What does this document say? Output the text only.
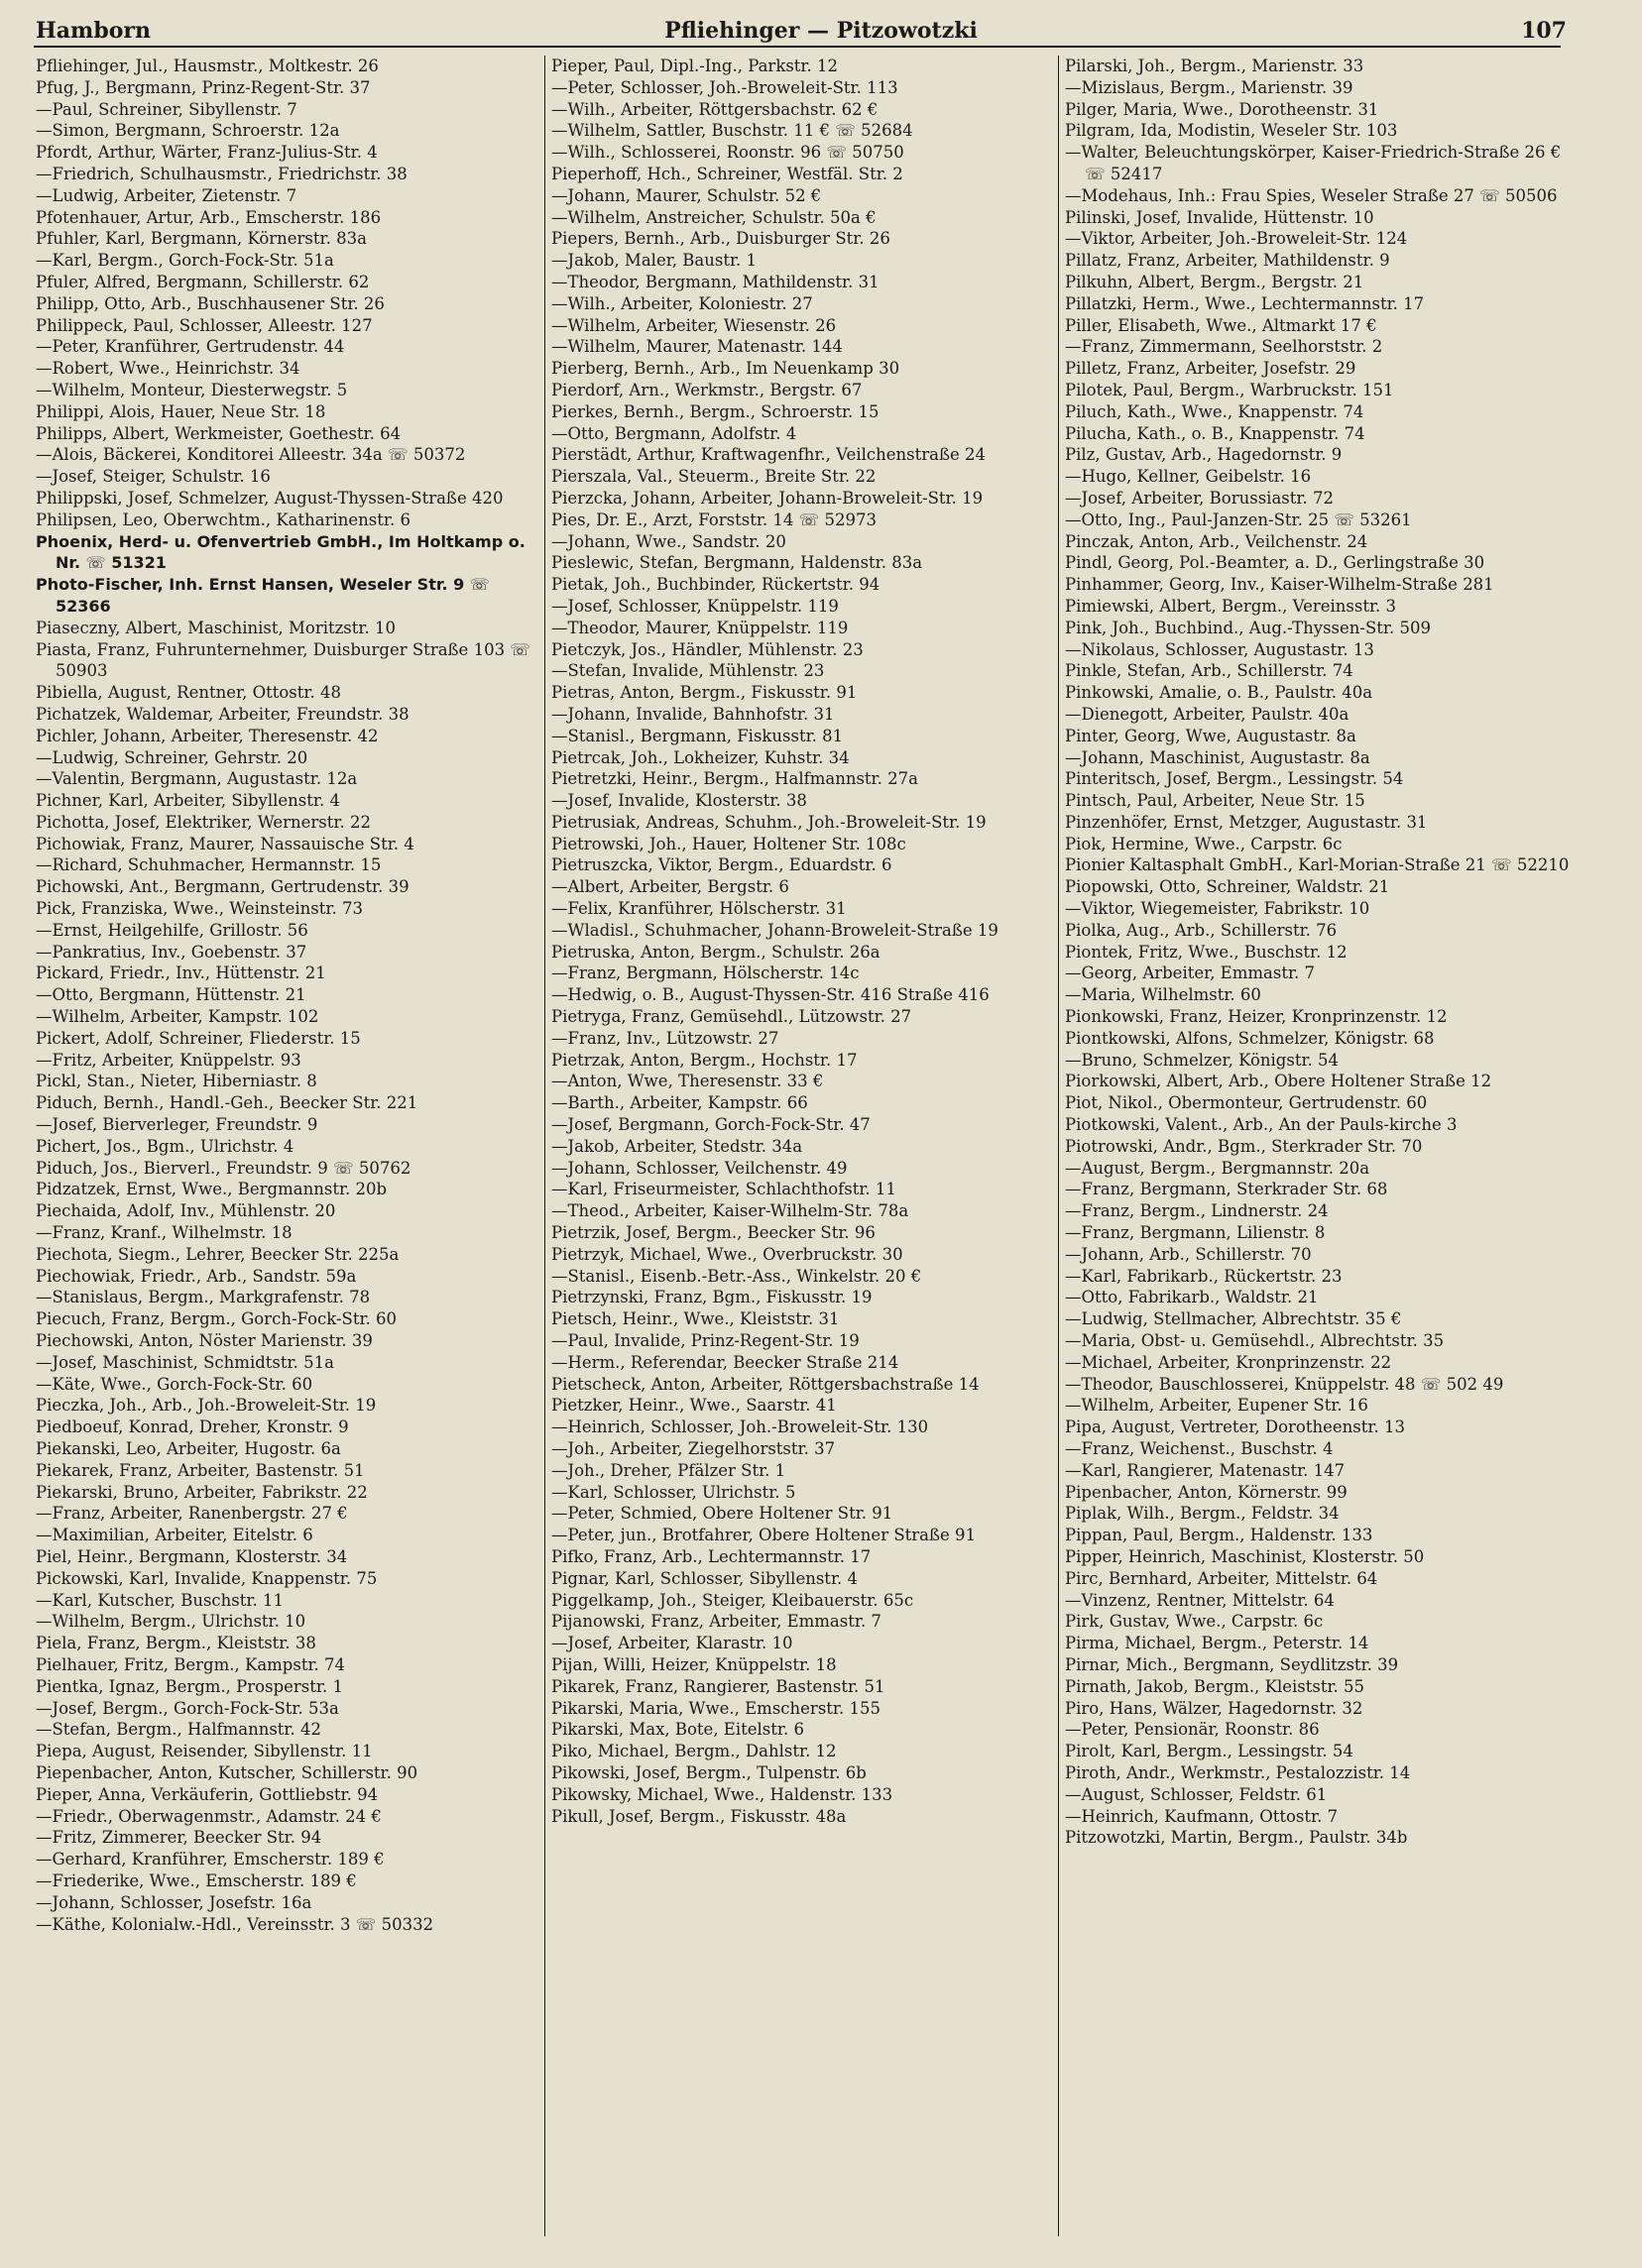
Hamborn	Pfliehinger — Pitzowotzki	107
Pfliehinger, Jul., Hausmstr., Moltkestr. 26
Pfug, J., Bergmann, Prinz-Regent-Str. 37
—Paul, Schreiner, Sibyllenstr. 7
—Simon, Bergmann, Schroerstr. 12a
Pfordt, Arthur, Wärter, Franz-Julius-Str. 4
—Friedrich, Schulhausmstr., Friedrichstr. 38
—Ludwig, Arbeiter, Zietenstr. 7
Pfotenhauer, Artur, Arb., Emscherstr. 186
Pfuhler, Karl, Bergmann, Körnerstr. 83a
—Karl, Bergm., Gorch-Fock-Str. 51a
Pfuler, Alfred, Bergmann, Schillerstr. 62
Philipp, Otto, Arb., Buschhausener Str. 26
Philippeck, Paul, Schlosser, Alleestr. 127
—Peter, Kranführer, Gertrudenstr. 44
—Robert, Wwe., Heinrichstr. 34
—Wilhelm, Monteur, Diesterwegstr. 5
Philippi, Alois, Hauer, Neue Str. 18
Philipps, Albert, Werkmeister, Goethestr. 64
—Alois, Bäckerei, Konditorei Alleestr. 34a ☏ 50372
—Josef, Steiger, Schulstr. 16
Philippski, Josef, Schmelzer, August-Thyssen-Straße 420
Philipsen, Leo, Oberwchtm., Katharinenstr. 6
Phoenix, Herd- u. Ofenvertrieb GmbH., Im Holtkamp o. Nr. ☏ 51321
Photo-Fischer, Inh. Ernst Hansen, Weseler Str. 9 ☏ 52366
Piaseczny, Albert, Maschinist, Moritzstr. 10
Piasta, Franz, Fuhrunternehmer, Duisburger Straße 103 ☏ 50903
Pibiella, August, Rentner, Ottostr. 48
Pichatzek, Waldemar, Arbeiter, Freundstr. 38
Pichler, Johann, Arbeiter, Theresenstr. 42
—Ludwig, Schreiner, Gehrstr. 20
—Valentin, Bergmann, Augustastr. 12a
Pichner, Karl, Arbeiter, Sibyllenstr. 4
Pichotta, Josef, Elektriker, Wernerstr. 22
Pichowiak, Franz, Maurer, Nassauische Str. 4
—Richard, Schuhmacher, Hermannstr. 15
Pichowski, Ant., Bergmann, Gertrudenstr. 39
Pick, Franziska, Wwe., Weinsteinstr. 73
—Ernst, Heilgehilfe, Grillostr. 56
—Pankratius, Inv., Goebenstr. 37
Pickard, Friedr., Inv., Hüttenstr. 21
—Otto, Bergmann, Hüttenstr. 21
—Wilhelm, Arbeiter, Kampstr. 102
Pickert, Adolf, Schreiner, Fliederstr. 15
—Fritz, Arbeiter, Knüppelstr. 93
Pickl, Stan., Nieter, Hiberniastr. 8
Piduch, Bernh., Handl.-Geh., Beecker Str. 221
—Josef, Bierverleger, Freundstr. 9
Pichert, Jos., Bgm., Ulrichstr. 4
Piduch, Jos., Bierverl., Freundstr. 9 ☏ 50762
Pidzatzek, Ernst, Wwe., Bergmannstr. 20b
Piechaida, Adolf, Inv., Mühlenstr. 20
—Franz, Kranf., Wilhelmstr. 18
Piechota, Siegm., Lehrer, Beecker Str. 225a
Piechowiak, Friedr., Arb., Sandstr. 59a
—Stanislaus, Bergm., Markgrafenstr. 78
Piecuch, Franz, Bergm., Gorch-Fock-Str. 60
Piechowski, Anton, Nöster Marienstr. 39
—Josef, Maschinist, Schmidtstr. 51a
—Käte, Wwe., Gorch-Fock-Str. 60
Pieczka, Joh., Arb., Joh.-Broweleit-Str. 19
Piedboeuf, Konrad, Dreher, Kronstr. 9
Piekanski, Leo, Arbeiter, Hugostr. 6a
Piekarek, Franz, Arbeiter, Bastenstr. 51
Piekarski, Bruno, Arbeiter, Fabrikstr. 22
—Franz, Arbeiter, Ranenbergstr. 27 €
—Maximilian, Arbeiter, Eitelstr. 6
Piel, Heinr., Bergmann, Klosterstr. 34
Pickowski, Karl, Invalide, Knappenstr. 75
—Karl, Kutscher, Buschstr. 11
—Wilhelm, Bergm., Ulrichstr. 10
Piela, Franz, Bergm., Kleiststr. 38
Pielhauer, Fritz, Bergm., Kampstr. 74
Pientka, Ignaz, Bergm., Prosperstr. 1
—Josef, Bergm., Gorch-Fock-Str. 53a
—Stefan, Bergm., Halfmannstr. 42
Piepa, August, Reisender, Sibyllenstr. 11
Piepenbacher, Anton, Kutscher, Schillerstr. 90
Pieper, Anna, Verkäuferin, Gottliebstr. 94
—Friedr., Oberwagenmstr., Adamstr. 24 €
—Fritz, Zimmerer, Beecker Str. 94
—Gerhard, Kranführer, Emscherstr. 189 €
—Friederike, Wwe., Emscherstr. 189 €
—Johann, Schlosser, Josefstr. 16a
—Käthe, Kolonialw.-Hdl., Vereinsstr. 3 ☏ 50332
Pieper, Paul, Dipl.-Ing., Parkstr. 12
—Peter, Schlosser, Joh.-Broweleit-Str. 113
—Wilh., Arbeiter, Röttgersbachstr. 62 €
—Wilhelm, Sattler, Buschstr. 11 € ☏ 52684
—Wilh., Schlosserei, Roonstr. 96 ☏ 50750
Pieperhoff, Hch., Schreiner, Westfäl. Str. 2
—Johann, Maurer, Schulstr. 52 €
—Wilhelm, Anstreicher, Schulstr. 50a €
Piepers, Bernh., Arb., Duisburger Str. 26
—Jakob, Maler, Baustr. 1
—Theodor, Bergmann, Mathildenstr. 31
—Wilh., Arbeiter, Koloniestr. 27
—Wilhelm, Arbeiter, Wiesenstr. 26
—Wilhelm, Maurer, Matenastr. 144
Pierberg, Bernh., Arb., Im Neuenkamp 30
Pierdorf, Arn., Werkmstr., Bergstr. 67
Pierkes, Bernh., Bergm., Schroerstr. 15
—Otto, Bergmann, Adolfstr. 4
Pierstädt, Arthur, Kraftwagenfhr., Veilchenstraße 24
Pierszala, Val., Steuerm., Breite Str. 22
Pierzcka, Johann, Arbeiter, Johann-Broweleit-Str. 19
Pies, Dr. E., Arzt, Forststr. 14 ☏ 52973
—Johann, Wwe., Sandstr. 20
Pieslewic, Stefan, Bergmann, Haldenstr. 83a
Pietak, Joh., Buchbinder, Rückertstr. 94
—Josef, Schlosser, Knüppelstr. 119
—Theodor, Maurer, Knüppelstr. 119
Pietczyk, Jos., Händler, Mühlenstr. 23
—Stefan, Invalide, Mühlenstr. 23
Pietras, Anton, Bergm., Fiskusstr. 91
—Johann, Invalide, Bahnhofstr. 31
—Stanisl., Bergmann, Fiskusstr. 81
Pietrcak, Joh., Lokheizer, Kuhstr. 34
Pietretzki, Heinr., Bergm., Halfmannstr. 27a
—Josef, Invalide, Klosterstr. 38
Pietrusiak, Andreas, Schuhm., Joh.-Broweleit-Str. 19
Pietrowski, Joh., Hauer, Holtener Str. 108c
Pietruszcka, Viktor, Bergm., Eduardstr. 6
—Albert, Arbeiter, Bergstr. 6
—Felix, Kranführer, Hölscherstr. 31
—Wladisl., Schuhmacher, Johann-Broweleit-Straße 19
Pietruska, Anton, Bergm., Schulstr. 26a
—Franz, Bergmann, Hölscherstr. 14c
—Hedwig, o. B., August-Thyssen-Str. 416 Straße 416
Pietryga, Franz, Gemüsehdl., Lützowstr. 27
—Franz, Inv., Lützowstr. 27
Pietrzak, Anton, Bergm., Hochstr. 17
—Anton, Wwe, Theresenstr. 33 €
—Barth., Arbeiter, Kampstr. 66
—Josef, Bergmann, Gorch-Fock-Str. 47
—Jakob, Arbeiter, Stedstr. 34a
—Johann, Schlosser, Veilchenstr. 49
—Karl, Friseurmeister, Schlachthofstr. 11
—Theod., Arbeiter, Kaiser-Wilhelm-Str. 78a
Pietrzik, Josef, Bergm., Beecker Str. 96
Pietrzyk, Michael, Wwe., Overbruckstr. 30
—Stanisl., Eisenb.-Betr.-Ass., Winkelstr. 20 €
Pietrzynski, Franz, Bgm., Fiskusstr. 19
Pietsch, Heinr., Wwe., Kleiststr. 31
—Paul, Invalide, Prinz-Regent-Str. 19
—Herm., Referendar, Beecker Straße 214
Pietscheck, Anton, Arbeiter, Röttgersbachstraße 14
Pietzker, Heinr., Wwe., Saarstr. 41
—Heinrich, Schlosser, Joh.-Broweleit-Str. 130
—Joh., Arbeiter, Ziegelhorststr. 37
—Joh., Dreher, Pfälzer Str. 1
—Karl, Schlosser, Ulrichstr. 5
—Peter, Schmied, Obere Holtener Str. 91
—Peter, jun., Brotfahrer, Obere Holtener Straße 91
Pifko, Franz, Arb., Lechtermannstr. 17
Pignar, Karl, Schlosser, Sibyllenstr. 4
Piggelkamp, Joh., Steiger, Kleibauerstr. 65c
Pijanowski, Franz, Arbeiter, Emmastr. 7
—Josef, Arbeiter, Klarastr. 10
Pijan, Willi, Heizer, Knüppelstr. 18
Pikarek, Franz, Rangierer, Bastenstr. 51
Pikarski, Maria, Wwe., Emscherstr. 155
Pikarski, Max, Bote, Eitelstr. 6
Piko, Michael, Bergm., Dahlstr. 12
Pikowski, Josef, Bergm., Tulpenstr. 6b
Pikowsky, Michael, Wwe., Haldenstr. 133
Pikull, Josef, Bergm., Fiskusstr. 48a
Pilarski, Joh., Bergm., Marienstr. 33
—Mizislaus, Bergm., Marienstr. 39
Pilger, Maria, Wwe., Dorotheenstr. 31
Pilgram, Ida, Modistin, Weseler Str. 103
—Walter, Beleuchtungskörper, Kaiser-Friedrich-Straße 26 € ☏ 52417
—Modehaus, Inh.: Frau Spies, Weseler Straße 27 ☏ 50506
Pilinski, Josef, Invalide, Hüttenstr. 10
—Viktor, Arbeiter, Joh.-Broweleit-Str. 124
Pillatz, Franz, Arbeiter, Mathildenstr. 9
Pilkuhn, Albert, Bergm., Bergstr. 21
Pillatzki, Herm., Wwe., Lechtermannstr. 17
Piller, Elisabeth, Wwe., Altmarkt 17 €
—Franz, Zimmermann, Seelhorststr. 2
Pilletz, Franz, Arbeiter, Josefstr. 29
Pilotek, Paul, Bergm., Warbruckstr. 151
Piluch, Kath., Wwe., Knappenstr. 74
Pilucha, Kath., o. B., Knappenstr. 74
Pilz, Gustav, Arb., Hagedornstr. 9
—Hugo, Kellner, Geibelstr. 16
—Josef, Arbeiter, Borussiastr. 72
—Otto, Ing., Paul-Janzen-Str. 25 ☏ 53261
Pinczak, Anton, Arb., Veilchenstr. 24
Pindl, Georg, Pol.-Beamter, a. D., Gerlingstraße 30
Pinhammer, Georg, Inv., Kaiser-Wilhelm-Straße 281
Pimiewski, Albert, Bergm., Vereinsstr. 3
Pink, Joh., Buchbind., Aug.-Thyssen-Str. 509
—Nikolaus, Schlosser, Augustastr. 13
Pinkle, Stefan, Arb., Schillerstr. 74
Pinkowski, Amalie, o. B., Paulstr. 40a
—Dienegott, Arbeiter, Paulstr. 40a
Pinter, Georg, Wwe, Augustastr. 8a
—Johann, Maschinist, Augustastr. 8a
Pinteritsch, Josef, Bergm., Lessingstr. 54
Pintsch, Paul, Arbeiter, Neue Str. 15
Pinzenhöfer, Ernst, Metzger, Augustastr. 31
Piok, Hermine, Wwe., Carpstr. 6c
Pionier Kaltasphalt GmbH., Karl-Morian-Straße 21 ☏ 52210
Piopowski, Otto, Schreiner, Waldstr. 21
—Viktor, Wiegemeister, Fabrikstr. 10
Piolka, Aug., Arb., Schillerstr. 76
Piontek, Fritz, Wwe., Buschstr. 12
—Georg, Arbeiter, Emmastr. 7
—Maria, Wilhelmstr. 60
Pionkowski, Franz, Heizer, Kronprinzenstr. 12
Piontkowski, Alfons, Schmelzer, Königstr. 68
—Bruno, Schmelzer, Königstr. 54
Piorkowski, Albert, Arb., Obere Holtener Straße 12
Piot, Nikol., Obermonteur, Gertrudenstr. 60
Piotkowski, Valent., Arb., An der Pauls-kirche 3
Piotrowski, Andr., Bgm., Sterkrader Str. 70
—August, Bergm., Bergmannstr. 20a
—Franz, Bergmann, Sterkrader Str. 68
—Franz, Bergm., Lindnerstr. 24
—Franz, Bergmann, Lilienstr. 8
—Johann, Arb., Schillerstr. 70
—Karl, Fabrikarb., Rückertstr. 23
—Otto, Fabrikarb., Waldstr. 21
—Ludwig, Stellmacher, Albrechtstr. 35 €
—Maria, Obst- u. Gemüsehdl., Albrechtstr. 35
—Michael, Arbeiter, Kronprinzenstr. 22
—Theodor, Bauschlosserei, Knüppelstr. 48 ☏ 502 49
—Wilhelm, Arbeiter, Eupener Str. 16
Pipa, August, Vertreter, Dorotheenstr. 13
—Franz, Weichenst., Buschstr. 4
—Karl, Rangierer, Matenastr. 147
Pipenbacher, Anton, Körnerstr. 99
Piplak, Wilh., Bergm., Feldstr. 34
Pippan, Paul, Bergm., Haldenstr. 133
Pipper, Heinrich, Maschinist, Klosterstr. 50
Pirc, Bernhard, Arbeiter, Mittelstr. 64
—Vinzenz, Rentner, Mittelstr. 64
Pirk, Gustav, Wwe., Carpstr. 6c
Pirma, Michael, Bergm., Peterstr. 14
Pirnar, Mich., Bergmann, Seydlitzstr. 39
Pirnath, Jakob, Bergm., Kleiststr. 55
Piro, Hans, Wälzer, Hagedornstr. 32
—Peter, Pensionär, Roonstr. 86
Pirolt, Karl, Bergm., Lessingstr. 54
Piroth, Andr., Werkmstr., Pestalozzistr. 14
—August, Schlosser, Feldstr. 61
—Heinrich, Kaufmann, Ottostr. 7
Pitzowotzki, Martin, Bergm., Paulstr. 34b
